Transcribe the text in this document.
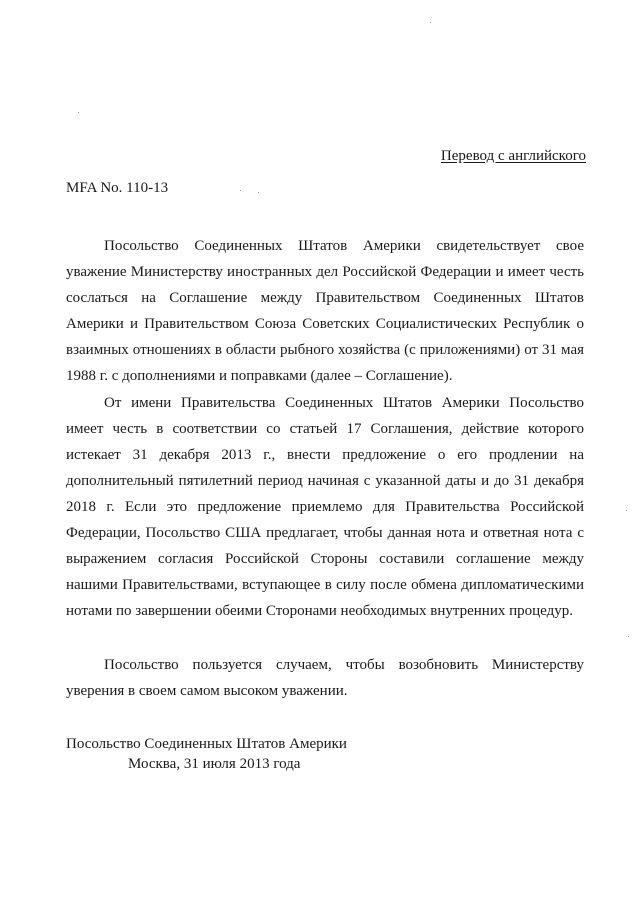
Перевод с английского
MFA No. 110-13

Посольство Соединенных Штатов Америки свидетельствует свое уважение Министерству иностранных дел Российской Федерации и имеет честь сослаться на Соглашение между Правительством Соединенных Штатов Америки и Правительством Союза Советских Социалистических Республик о взаимных отношениях в области рыбного хозяйства (с приложениями) от 31 мая 1988 г. с дополнениями и поправками (далее – Соглашение).

От имени Правительства Соединенных Штатов Америки Посольство имеет честь в соответствии со статьей 17 Соглашения, действие которого истекает 31 декабря 2013 г., внести предложение о его продлении на дополнительный пятилетний период начиная с указанной даты и до 31 декабря 2018 г. Если это предложение приемлемо для Правительства Российской Федерации, Посольство США предлагает, чтобы данная нота и ответная нота с выражением согласия Российской Стороны составили соглашение между нашими Правительствами, вступающее в силу после обмена дипломатическими нотами по завершении обеими Сторонами необходимых внутренних процедур.

Посольство пользуется случаем, чтобы возобновить Министерству уверения в своем самом высоком уважении.

Посольство Соединенных Штатов Америки
Москва, 31 июля 2013 года
